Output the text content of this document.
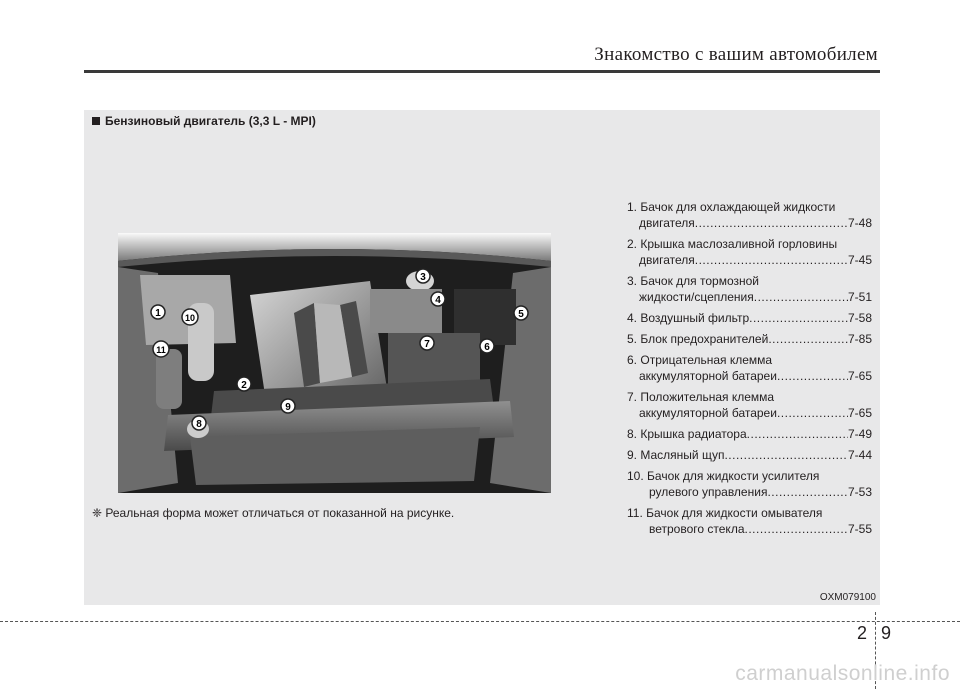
Знакомство с вашим автомобилем
Бензиновый двигатель (3,3 L - MPI)
1
2
3
4
5
6
7
8
9
10
11
1. Бачок для охлаждающей жидкости
двигателя .....	7-48
2. Крышка маслозаливной горловины
двигателя .....	7-45
3. Бачок для тормозной
жидкости/сцепления .....	7-51
4. Воздушный фильтр .....	7-58
5. Блок предохранителей .....	7-85
6. Отрицательная клемма
аккумуляторной батареи .....	7-65
7. Положительная клемма
аккумуляторной батареи .....	7-65
8. Крышка радиатора .....	7-49
9. Масляный щуп .....	7-44
10. Бачок для жидкости усилителя
рулевого управления .....	7-53
11. Бачок для жидкости омывателя
ветрового стекла .....	7-55
❈ Реальная форма может отличаться от показанной на рисунке.
OXM079100
2 9
carmanualsonline.info
